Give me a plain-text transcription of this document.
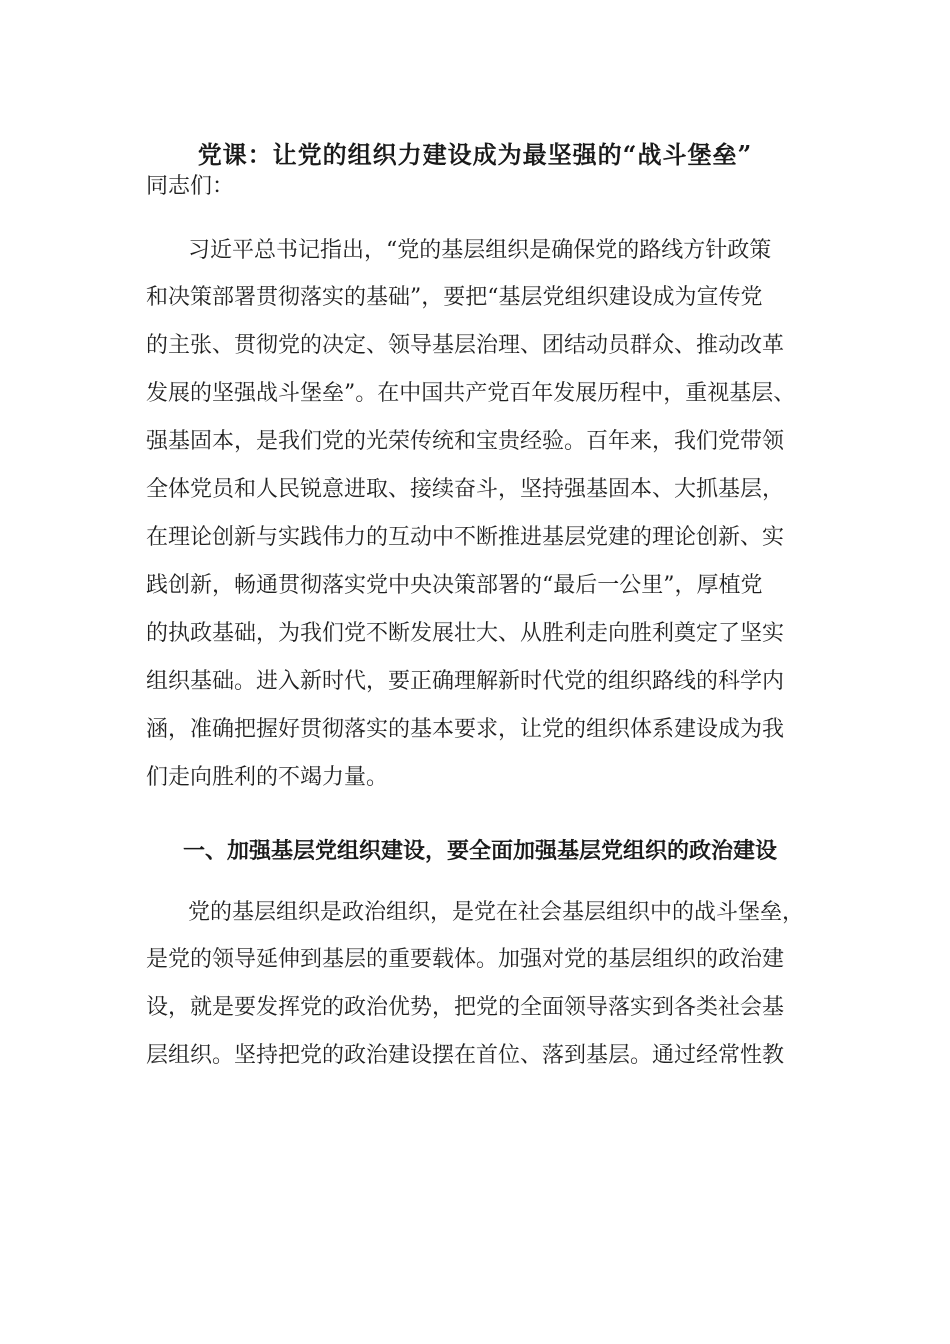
党课：让党的组织力建设成为最坚强的“战斗堡垒”
同志们：
习近平总书记指出，“党的基层组织是确保党的路线方针政策
和决策部署贯彻落实的基础”，要把“基层党组织建设成为宣传党
的主张、贯彻党的决定、领导基层治理、团结动员群众、推动改革
发展的坚强战斗堡垒”。在中国共产党百年发展历程中，重视基层、
强基固本，是我们党的光荣传统和宝贵经验。百年来，我们党带领
全体党员和人民锐意进取、接续奋斗，坚持强基固本、大抓基层，
在理论创新与实践伟力的互动中不断推进基层党建的理论创新、实
践创新，畅通贯彻落实党中央决策部署的“最后一公里”，厚植党
的执政基础，为我们党不断发展壮大、从胜利走向胜利奠定了坚实
组织基础。进入新时代，要正确理解新时代党的组织路线的科学内
涵，准确把握好贯彻落实的基本要求，让党的组织体系建设成为我
们走向胜利的不竭力量。
一、加强基层党组织建设，要全面加强基层党组织的政治建设
党的基层组织是政治组织，是党在社会基层组织中的战斗堡垒，
是党的领导延伸到基层的重要载体。加强对党的基层组织的政治建
设，就是要发挥党的政治优势，把党的全面领导落实到各类社会基
层组织。坚持把党的政治建设摆在首位、落到基层。通过经常性教
